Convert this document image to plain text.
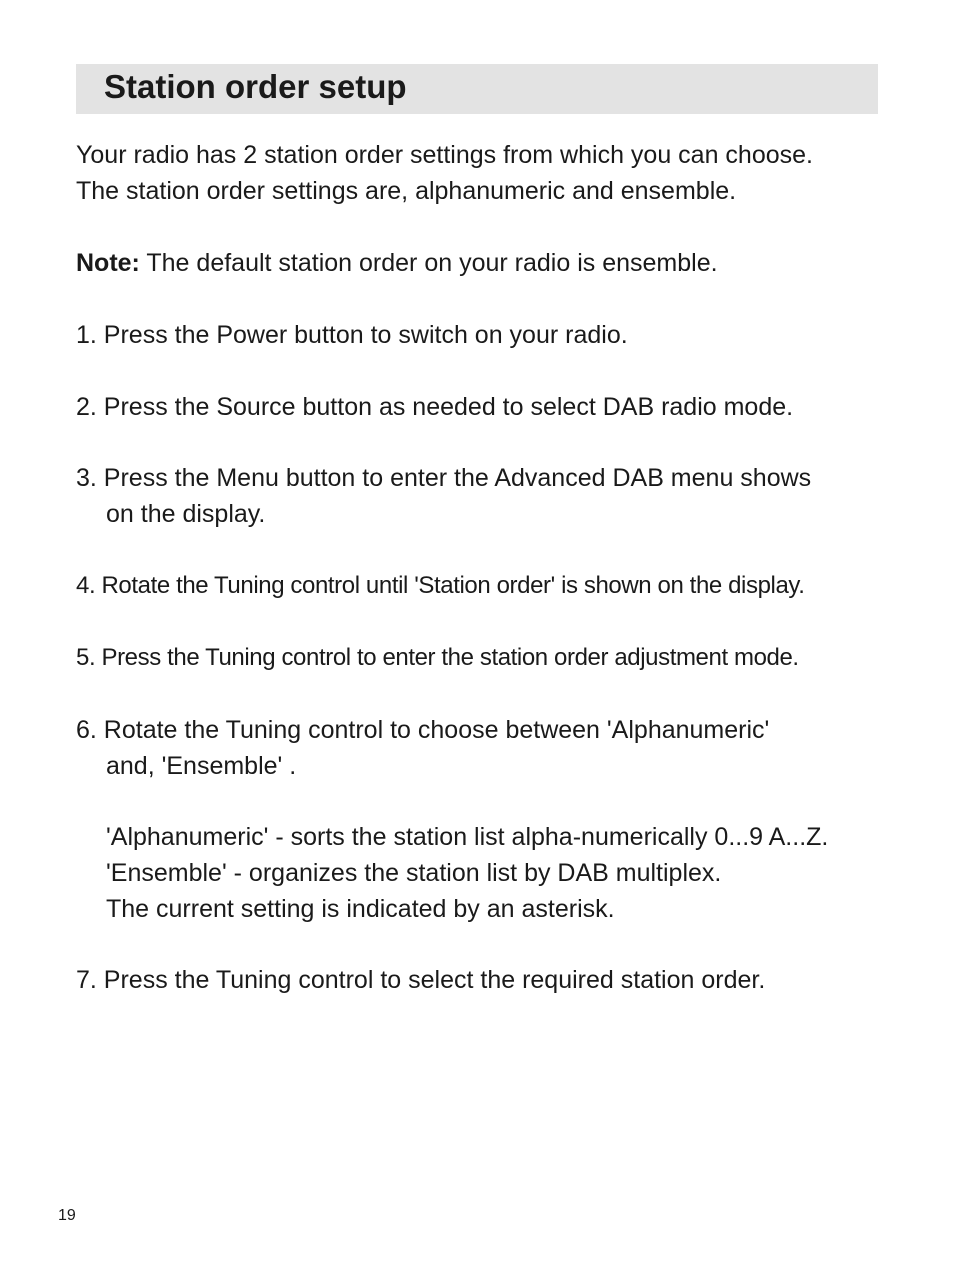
Station order setup
Your radio has 2 station order settings from which you can choose.
The station order settings are, alphanumeric and ensemble.
Note: The default station order on your radio is ensemble.
1. Press the Power button to switch on your radio.
2. Press the Source button as needed to select DAB radio mode.
3. Press the Menu button to enter the Advanced DAB menu shows
on the display.
4. Rotate the Tuning control until 'Station order' is shown on the display.
5. Press the Tuning control to enter the station order adjustment mode.
6. Rotate the Tuning control to choose between 'Alphanumeric'
and, 'Ensemble' .
'Alphanumeric' - sorts the station list alpha-numerically 0...9 A...Z.
'Ensemble' - organizes the station list by DAB multiplex.
The current setting is indicated by an asterisk.
7. Press the Tuning control to select the required station order.
19
